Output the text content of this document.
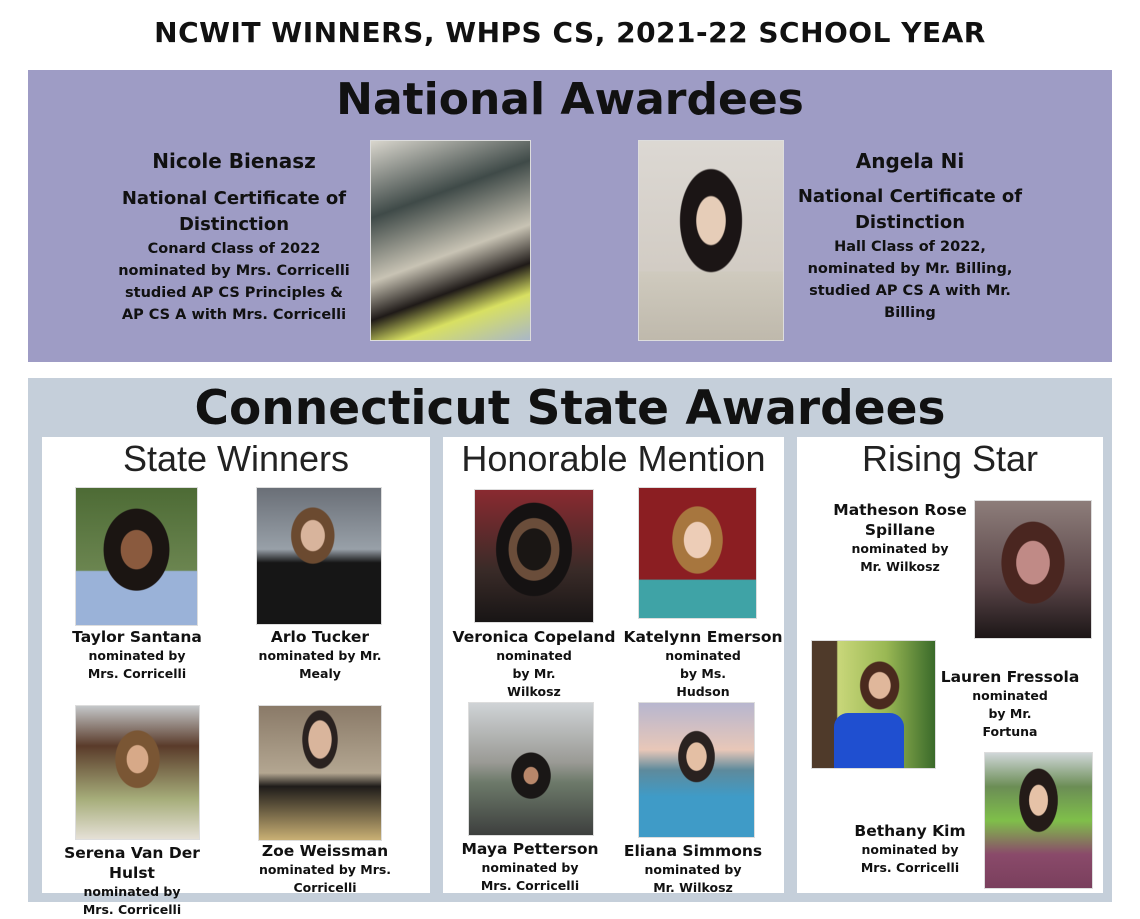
NCWIT WINNERS, WHPS CS, 2021-22 SCHOOL YEAR
National Awardees
Nicole Bienasz
National Certificate of Distinction
Conard Class of 2022
nominated by Mrs. Corricelli
studied AP CS Principles &
AP CS A with Mrs. Corricelli
Angela Ni
National Certificate of Distinction
Hall Class of 2022,
nominated by Mr. Billing,
studied AP CS A with Mr.
Billing
Connecticut State Awardees
State Winners	Honorable Mention	Rising Star
Taylor Santana
nominated by Mrs. Corricelli
Arlo Tucker
nominated by Mr. Mealy
Serena Van Der Hulst
nominated by Mrs. Corricelli
Zoe Weissman
nominated by Mrs. Corricelli
Veronica Copeland
nominated by Mr. Wilkosz
Katelynn Emerson
nominated by Ms. Hudson
Maya Petterson
nominated by Mrs. Corricelli
Eliana Simmons
nominated by Mr. Wilkosz
Matheson Rose Spillane
nominated by Mr. Wilkosz
Lauren Fressola
nominated by Mr. Fortuna
Bethany Kim
nominated by Mrs. Corricelli
